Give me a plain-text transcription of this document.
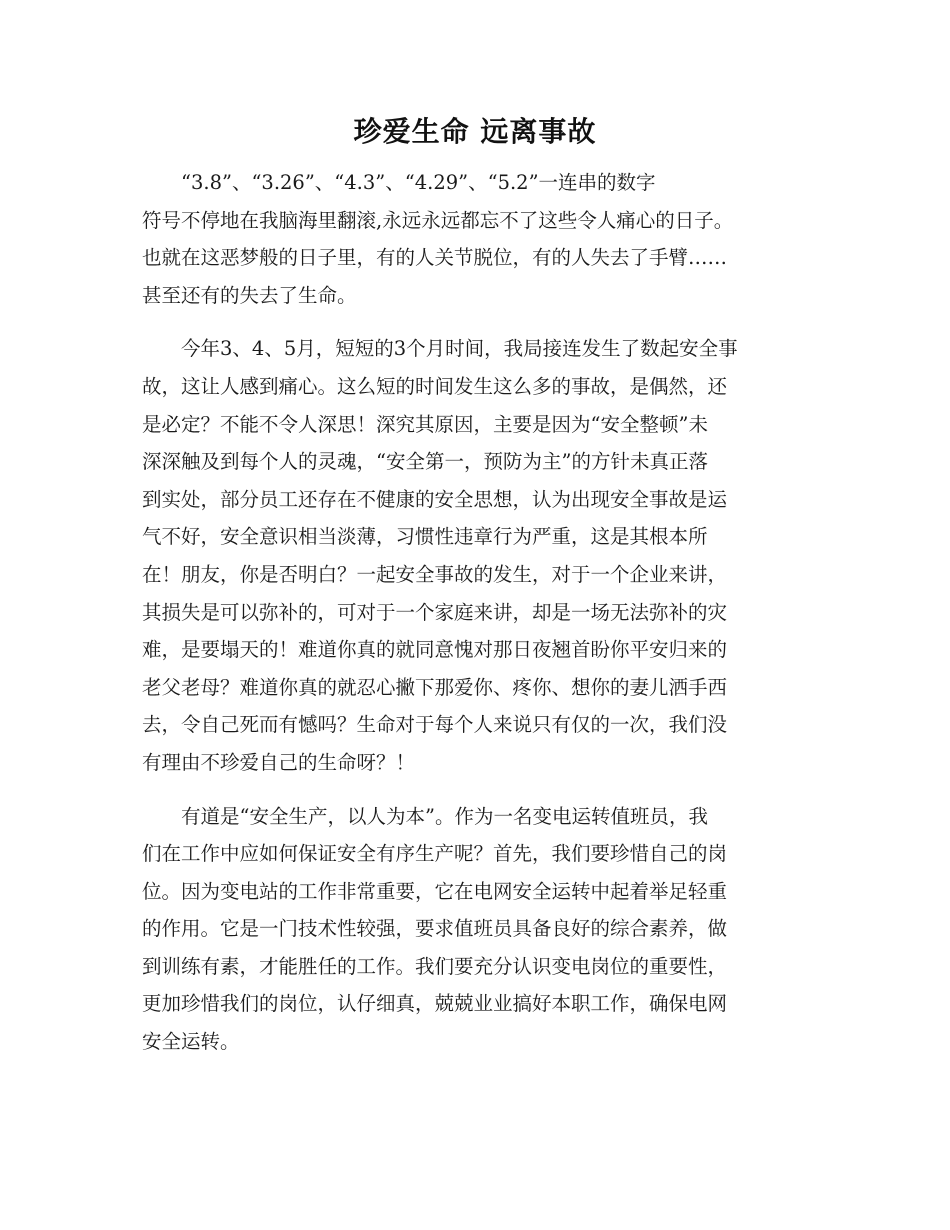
珍爱生命 远离事故

　　“3.8”、“3.26”、“4.3”、“4.29”、“5.2”一连串的数字
符号不停地在我脑海里翻滚,永远永远都忘不了这些令人痛心的日子。
也就在这恶梦般的日子里，有的人关节脱位，有的人失去了手臂……
甚至还有的失去了生命。

　　今年3、4、5月，短短的3个月时间，我局接连发生了数起安全事
故，这让人感到痛心。这么短的时间发生这么多的事故，是偶然，还
是必定？不能不令人深思！深究其原因，主要是因为“安全整顿”未
深深触及到每个人的灵魂，“安全第一，预防为主”的方针未真正落
到实处，部分员工还存在不健康的安全思想，认为出现安全事故是运
气不好，安全意识相当淡薄，习惯性违章行为严重，这是其根本所
在！朋友，你是否明白？一起安全事故的发生，对于一个企业来讲，
其损失是可以弥补的，可对于一个家庭来讲，却是一场无法弥补的灾
难，是要塌天的！难道你真的就同意愧对那日夜翘首盼你平安归来的
老父老母？难道你真的就忍心撇下那爱你、疼你、想你的妻儿洒手西
去，令自己死而有憾吗？生命对于每个人来说只有仅的一次，我们没
有理由不珍爱自己的生命呀？！

　　有道是“安全生产，以人为本”。作为一名变电运转值班员，我
们在工作中应如何保证安全有序生产呢？首先，我们要珍惜自己的岗
位。因为变电站的工作非常重要，它在电网安全运转中起着举足轻重
的作用。它是一门技术性较强，要求值班员具备良好的综合素养，做
到训练有素，才能胜任的工作。我们要充分认识变电岗位的重要性，
更加珍惜我们的岗位，认仔细真，兢兢业业搞好本职工作，确保电网
安全运转。
